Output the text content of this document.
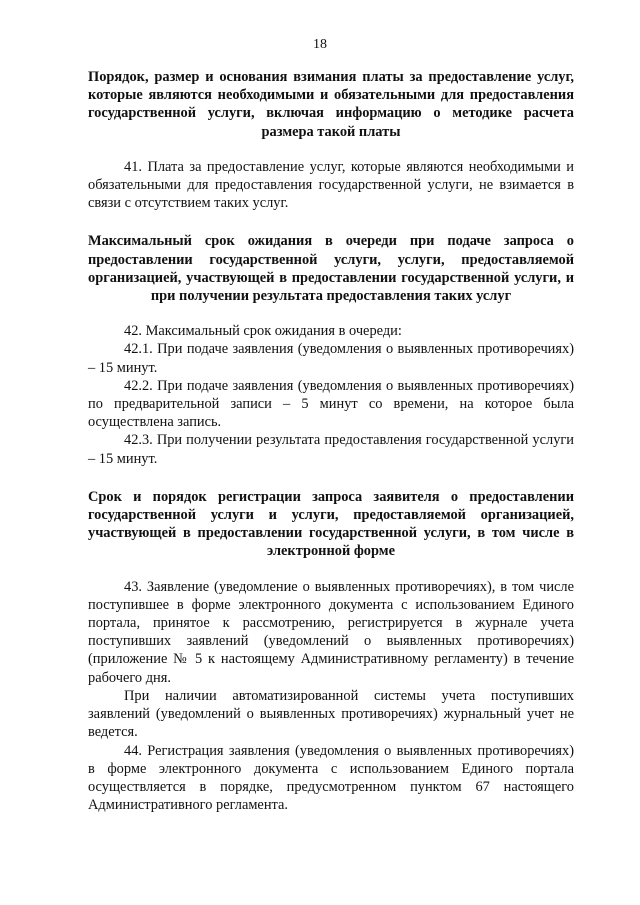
18

Порядок, размер и основания взимания платы за предоставление услуг, которые являются необходимыми и обязательными для предоставления государственной услуги, включая информацию о методике расчета размера такой платы

41. Плата за предоставление услуг, которые являются необходимыми и обязательными для предоставления государственной услуги, не взимается в связи с отсутствием таких услуг.

Максимальный срок ожидания в очереди при подаче запроса о предоставлении государственной услуги, услуги, предоставляемой организацией, участвующей в предоставлении государственной услуги, и при получении результата предоставления таких услуг

42. Максимальный срок ожидания в очереди:

42.1. При подаче заявления (уведомления о выявленных противоречиях) – 15 минут.

42.2. При подаче заявления (уведомления о выявленных противоречиях) по предварительной записи – 5 минут со времени, на которое была осуществлена запись.

42.3. При получении результата предоставления государственной услуги – 15 минут.

Срок и порядок регистрации запроса заявителя о предоставлении государственной услуги и услуги, предоставляемой организацией, участвующей в предоставлении государственной услуги, в том числе в электронной форме

43. Заявление (уведомление о выявленных противоречиях), в том числе поступившее в форме электронного документа с использованием Единого портала, принятое к рассмотрению, регистрируется в журнале учета поступивших заявлений (уведомлений о выявленных противоречиях) (приложение № 5 к настоящему Административному регламенту) в течение рабочего дня.

При наличии автоматизированной системы учета поступивших заявлений (уведомлений о выявленных противоречиях) журнальный учет не ведется.

44. Регистрация заявления (уведомления о выявленных противоречиях) в форме электронного документа с использованием Единого портала осуществляется в порядке, предусмотренном пунктом 67 настоящего Административного регламента.
